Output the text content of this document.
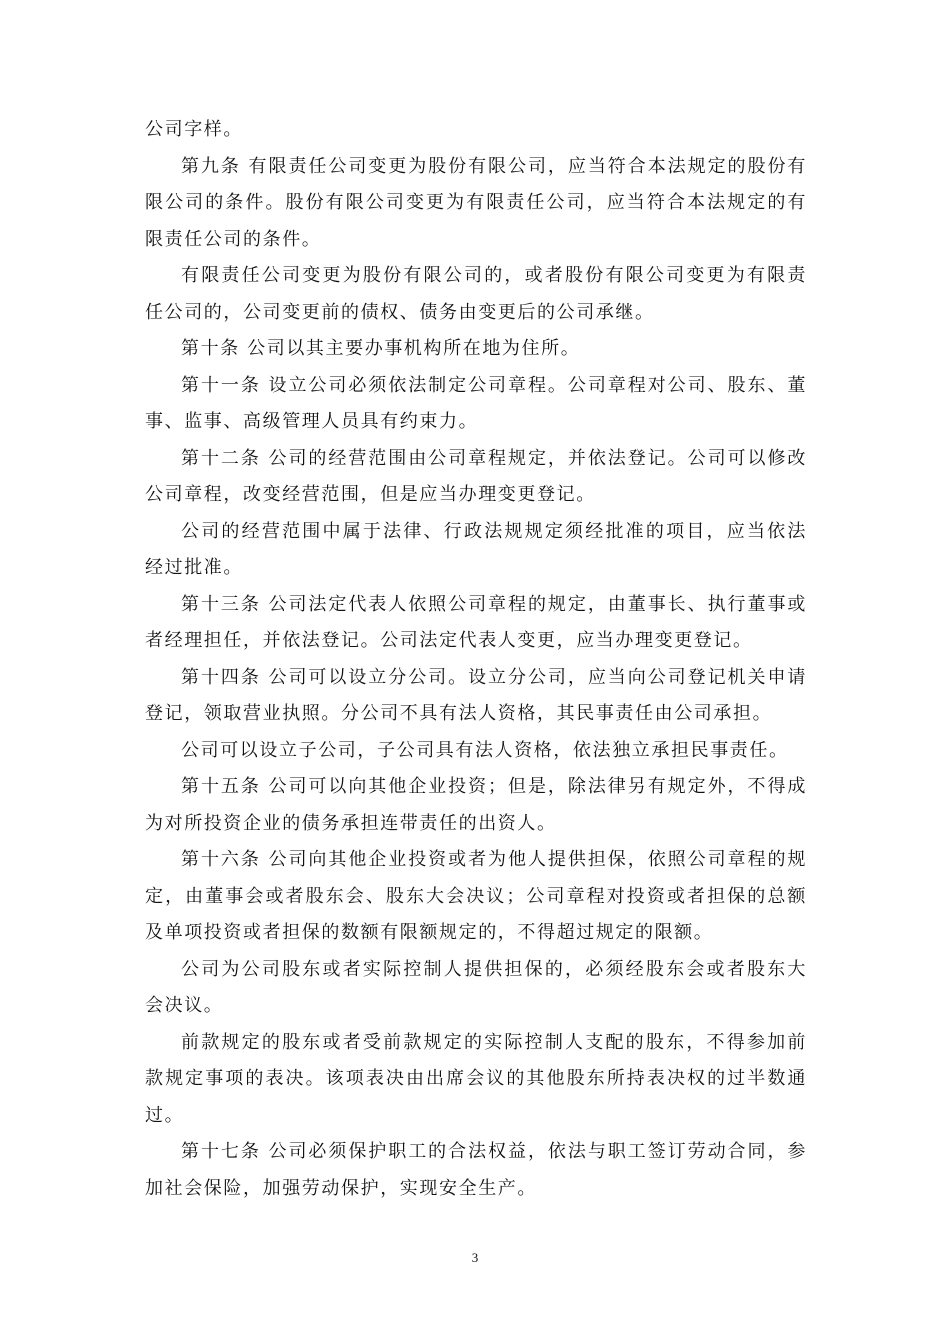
公司字样。

第九条 有限责任公司变更为股份有限公司，应当符合本法规定的股份有限公司的条件。股份有限公司变更为有限责任公司，应当符合本法规定的有限责任公司的条件。

有限责任公司变更为股份有限公司的，或者股份有限公司变更为有限责任公司的，公司变更前的债权、债务由变更后的公司承继。

第十条 公司以其主要办事机构所在地为住所。

第十一条 设立公司必须依法制定公司章程。公司章程对公司、股东、董事、监事、高级管理人员具有约束力。

第十二条 公司的经营范围由公司章程规定，并依法登记。公司可以修改公司章程，改变经营范围，但是应当办理变更登记。

公司的经营范围中属于法律、行政法规规定须经批准的项目，应当依法经过批准。

第十三条 公司法定代表人依照公司章程的规定，由董事长、执行董事或者经理担任，并依法登记。公司法定代表人变更，应当办理变更登记。

第十四条 公司可以设立分公司。设立分公司，应当向公司登记机关申请登记，领取营业执照。分公司不具有法人资格，其民事责任由公司承担。

公司可以设立子公司，子公司具有法人资格，依法独立承担民事责任。

第十五条 公司可以向其他企业投资；但是，除法律另有规定外，不得成为对所投资企业的债务承担连带责任的出资人。

第十六条 公司向其他企业投资或者为他人提供担保，依照公司章程的规定，由董事会或者股东会、股东大会决议；公司章程对投资或者担保的总额及单项投资或者担保的数额有限额规定的，不得超过规定的限额。

公司为公司股东或者实际控制人提供担保的，必须经股东会或者股东大会决议。

前款规定的股东或者受前款规定的实际控制人支配的股东，不得参加前款规定事项的表决。该项表决由出席会议的其他股东所持表决权的过半数通过。

第十七条 公司必须保护职工的合法权益，依法与职工签订劳动合同，参加社会保险，加强劳动保护，实现安全生产。

3
